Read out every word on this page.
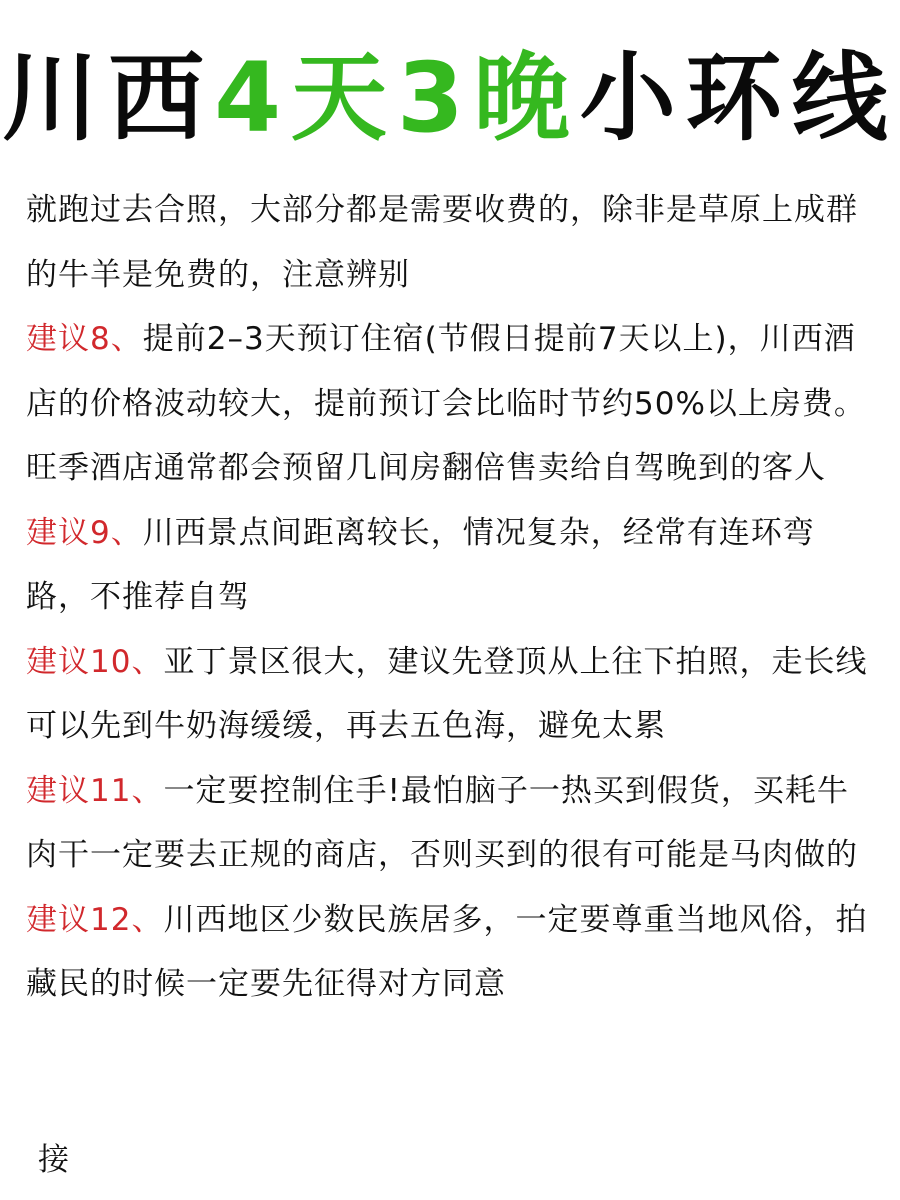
川西4天3晚小环线

就跑过去合照，大部分都是需要收费的，除非是草原上成群的牛羊是免费的，注意辨别

建议8、提前2–3天预订住宿(节假日提前7天以上)，川西酒店的价格波动较大，提前预订会比临时节约50%以上房费。旺季酒店通常都会预留几间房翻倍售卖给自驾晚到的客人

建议9、川西景点间距离较长，情况复杂，经常有连环弯路，不推荐自驾

建议10、亚丁景区很大，建议先登顶从上往下拍照，走长线可以先到牛奶海缓缓，再去五色海，避免太累

建议11、一定要控制住手!最怕脑子一热买到假货，买耗牛肉干一定要去正规的商店，否则买到的很有可能是马肉做的

建议12、川西地区少数民族居多，一定要尊重当地风俗，拍藏民的时候一定要先征得对方同意

接
